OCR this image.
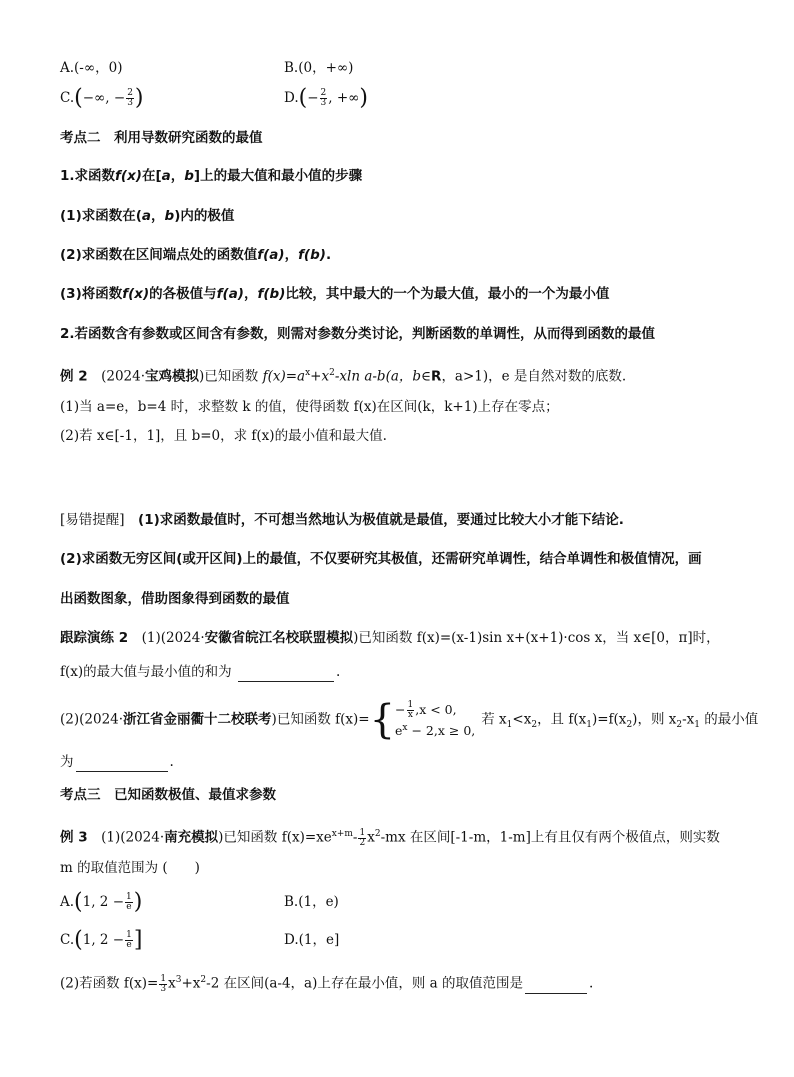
A.(-∞，0)	B.(0，+∞)
C.(−∞, − $\frac{2}{3}$ )	$D.(- \frac{2}{3}$ , +∞)
考点二　利用导数研究函数的最值
1.求函数f(x)在[a，b]上的最大值和最小值的步骤
(1)求函数在(a，b)内的极值
(2)求函数在区间端点处的函数值f(a)，f(b).
(3)将函数f(x)的各极值与f(a)，f(b)比较，其中最大的一个为最大值，最小的一个为最小值
2.若函数含有参数或区间含有参数，则需对参数分类讨论，判断函数的单调性，从而得到函数的最值
例 2　 (2024·宝鸡模拟)已知函数 $f(x)=a^x+x^2$-xln a-b(a，b∈R，a>1)，e 是自然对数的底数.
(1)当 a=e，b=4 时，求整数 k 的值，使得函数 f(x)在区间(k，k+1)上存在零点；
(2)若 x∈[-1，1]，且 b=0，求 f(x)的最小值和最大值.
[易错提醒]　(1)求函数最值时，不可想当然地认为极值就是最值，要通过比较大小才能下结论.
(2)求函数无穷区间(或开区间)上的最值，不仅要研究其极值，还需研究单调性，结合单调性和极值情况，画
出函数图象，借助图象得到函数的最值
跟踪演练 2　 (1)(2024·安徽省皖江名校联盟模拟)已知函数 f(x)=(x-1)sin x+(x+1)·cos x，当 x∈[0，π]时，
f(x)的最大值与最小值的和为	.
(2)(2024·浙江省金丽衢十二校联考)已知函数 $f(x)=\{ - \frac{1}{x} ,x < 0$,
$e^x - 2,x \ge 0$,
若 $x_1<x_2$，且 $f(x_1)=f(x_2)$，则 $x_2-x_1$ 的最小值
为	.
考点三　已知函数极值、最值求参数
例 3　 (1)(2024·南充模拟)已知函数 $f(x)=xe^{x+m}- \frac{1}{2} x^2-mx$ 在区间[-1-m，1-m]上有且仅有两个极值点，则实数
m 的取值范围为 (　　)
A.(1, $2 - \frac{1}{e}$ )	B.(1，e)
C.(1, $2 - \frac{1}{e}$ ]	D.(1，e]
(2)若函数 $f(x)= \frac{1}{3} x^3+x^2-2$ 在区间(a-4，a)上存在最小值，则 a 的取值范围是	.
